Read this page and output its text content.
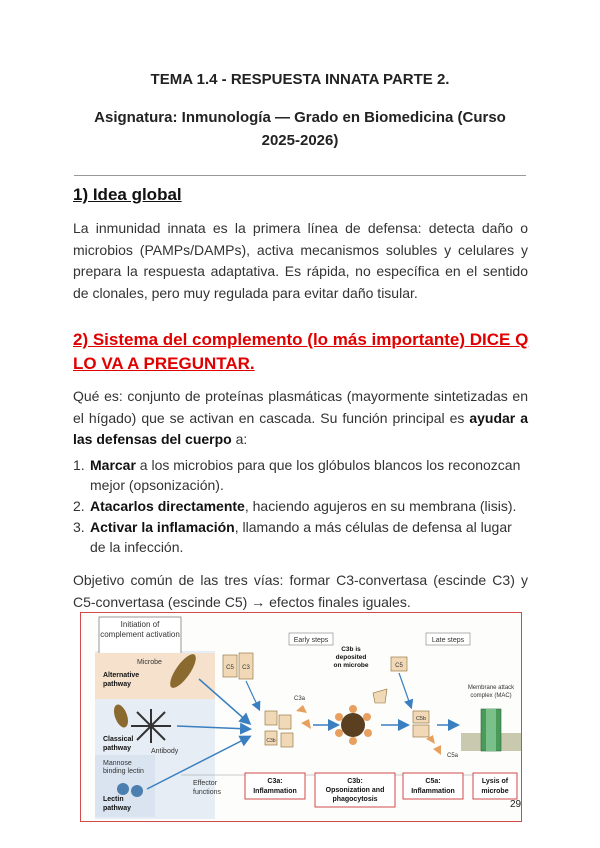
TEMA 1.4 - RESPUESTA INNATA PARTE 2.
Asignatura: Inmunología — Grado en Biomedicina (Curso 2025-2026)
1) Idea global
La inmunidad innata es la primera línea de defensa: detecta daño o microbios (PAMPs/DAMPs), activa mecanismos solubles y celulares y prepara la respuesta adaptativa. Es rápida, no específica en el sentido de clonales, pero muy regulada para evitar daño tisular.
2) Sistema del complemento (lo más importante) DICE Q LO VA A PREGUNTAR.
Qué es: conjunto de proteínas plasmáticas (mayormente sintetizadas en el hígado) que se activan en cascada. Su función principal es ayudar a las defensas del cuerpo a:
1. Marcar a los microbios para que los glóbulos blancos los reconozcan mejor (opsonización).
2. Atacarlos directamente, haciendo agujeros en su membrana (lisis).
3. Activar la inflamación, llamando a más células de defensa al lugar de la infección.
Objetivo común de las tres vías: formar C3-convertasa (escinde C3) y C5-convertasa (escinde C5) → efectos finales iguales.
Initiation of
complement activation
Microbe
Alternative
pathway
Classical
pathway	Antibody
Mannose
binding lectin
Lectin
pathway
Early steps	Late steps
C5 C3
C3a
C3b
C3b is
deposited
on microbe	C5
C5b
C5a
Membrane attack
complex (MAC)
Effector
functions
C3a:
Inflammation
C3b:
Opsonization and
phagocytosis
C5a:
Inflammation
Lysis of
microbe
29
